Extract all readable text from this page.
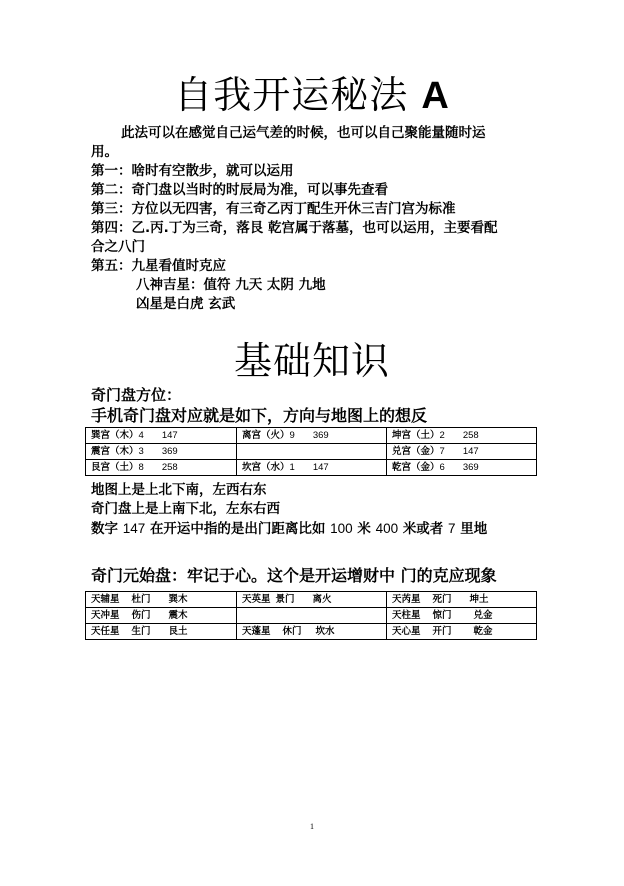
自我开运秘法 A
此法可以在感觉自己运气差的时候，也可以自己聚能量随时运
用。
第一：啥时有空散步，就可以运用
第二：奇门盘以当时的时辰局为准，可以事先查看
第三：方位以无四害，有三奇乙丙丁配生开休三吉门宫为标准
第四：乙.丙.丁为三奇，落艮 乾宫属于落墓，也可以运用，主要看配
合之八门
第五：九星看值时克应
八神吉星：值符 九天 太阴 九地
凶星是白虎 玄武
基础知识
奇门盘方位：
手机奇门盘对应就是如下，方向与地图上的想反
巽宫（木）4 147	离宫（火）9 369	坤宫（土）2 258
震宫（木）3 369		兑宫（金）7 147
艮宫（土）8 258	坎宫（水）1 147	乾宫（金）6 369
地图上是上北下南，左西右东
奇门盘上是上南下北，左东右西
数字 147 在开运中指的是出门距离比如 100 米 400 米或者 7 里地
奇门元始盘：牢记于心。这个是开运增财中 门的克应现象
天辅星 杜门 巽木	天英星 景门 离火	天芮星 死门 坤土
天冲星 伤门 震木		天柱星 惊门 兑金
天任星 生门 艮土	天蓬星 休门 坎水	天心星 开门 乾金
1
